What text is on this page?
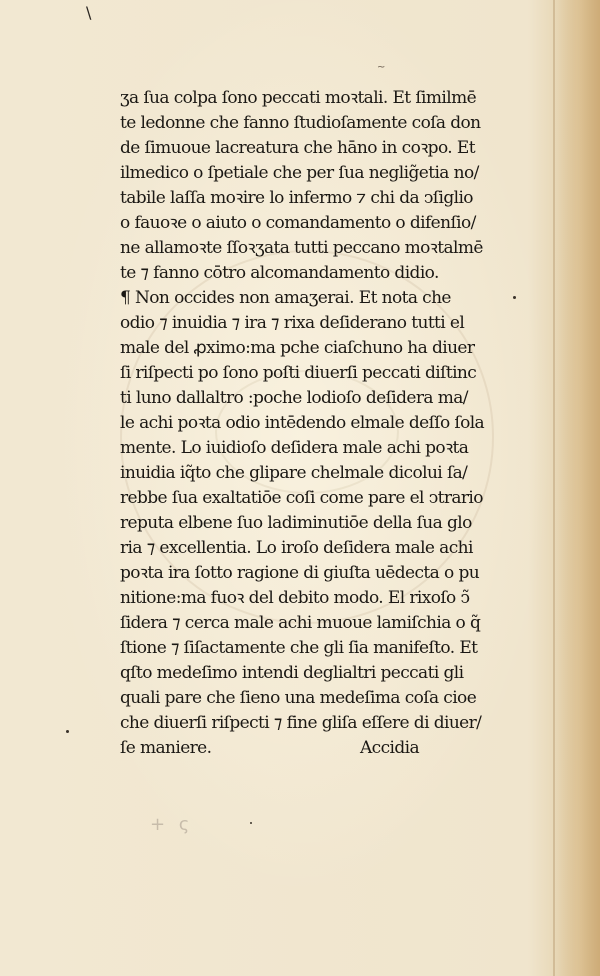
\
~
ʒa ſua colpa ſono peccati moꝛtali. Et ſimilmē
te ledonne che fanno ſtudioſamente coſa don
de ſimuoue lacreatura che hāno in coꝛpo. Et
ilmedico o ſpetiale che per ſua neglig̃etia no/
tabile laſſa moꝛire lo infermo ⁊ chi da ↄſiglio
o fauoꝛe o aiuto o comandamento o difenſio/
ne allamoꝛte ſſoꝛʒata tutti peccano moꝛtalmē
te ⁊ fanno cōtro alcomandamento didio.
¶ Non occides non amaʒerai. Et nota che
odio ⁊ inuidia ⁊ ira ⁊ rixa deſiderano tutti el
male del ꝓximo:ma pche ciaſchuno ha diuer
ſi riſpecti po ſono poſti diuerſi peccati diſtinc
ti luno dallaltro :poche lodioſo deſidera ma/
le achi poꝛta odio intēdendo elmale deſſo ſola
mente. Lo iuidioſo deſidera male achi poꝛta
inuidia iq̃to che glipare chelmale dicolui ſa/
rebbe ſua exaltatiōe coſi come pare el ↄtrario
reputa elbene ſuo ladiminutiōe della ſua glo
ria ⁊ excellentia. Lo iroſo deſidera male achi
poꝛta ira ſotto ragione di giuſta uēdecta o pu
nitione:ma fuoꝛ del debito modo. El rixoſo ↄ̃
ſidera ⁊ cerca male achi muoue lamiſchia o q̃
ſtione ⁊ ſiſactamente che gli ſia manifeſto. Et
qſto medeſimo intendi deglialtri peccati gli
quali pare che ſieno una medeſima coſa cioe
che diuerſi riſpecti ⁊ fine gliſa eſſere di diuer/
ſe maniere.	Accidia
+ ς
